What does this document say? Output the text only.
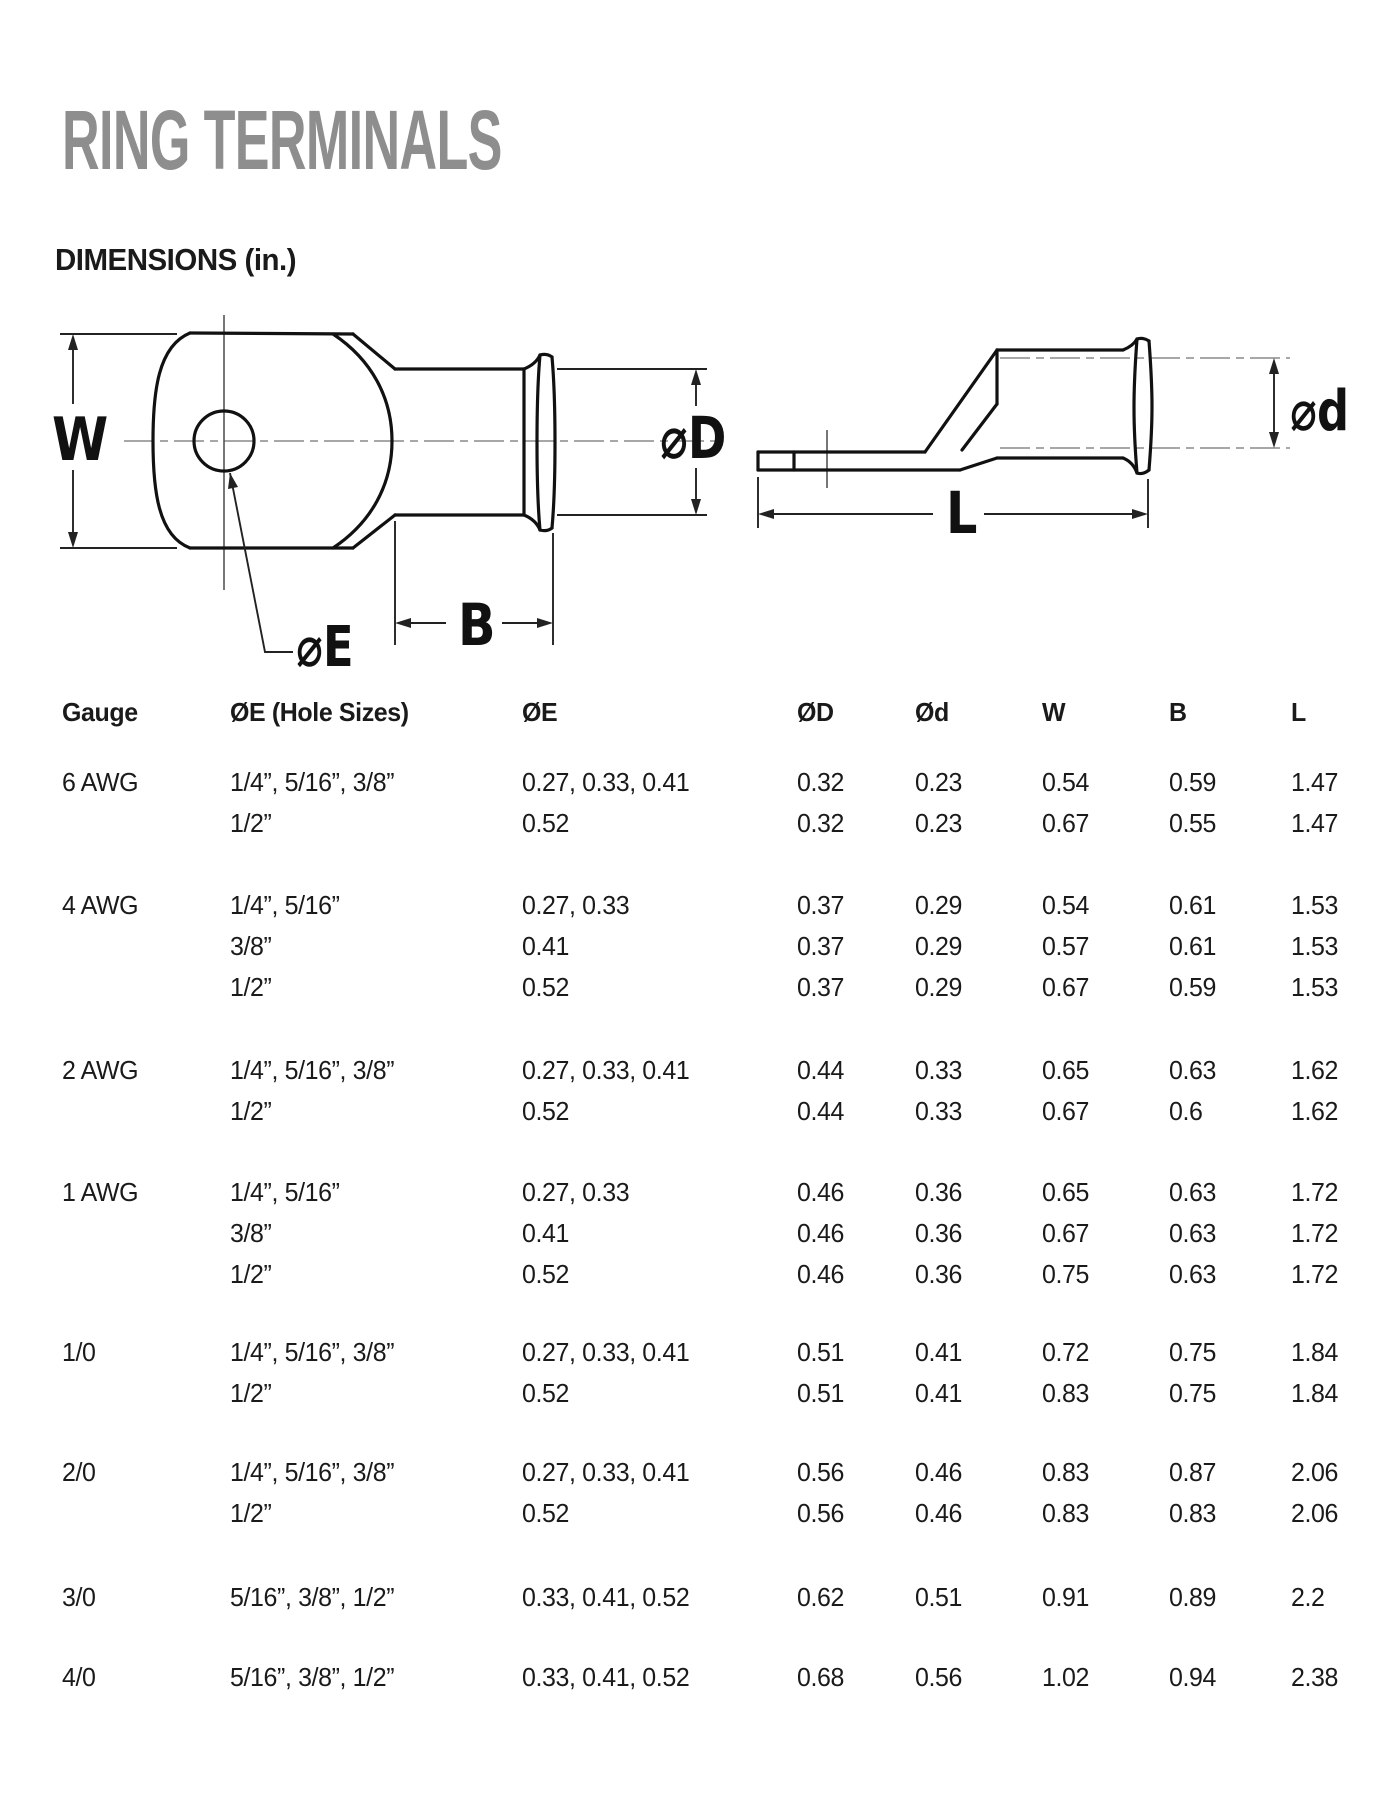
RING TERMINALS
DIMENSIONS (in.)
W	⌀D
⌀E B
⌀d
L
Gauge	ØE (Hole Sizes)	ØE	ØD	Ød	W	B	L
6 AWG	1/4”, 5/16”, 3/8”	0.27, 0.33, 0.41	0.32	0.23	0.54	0.59	1.47
1/2”	0.52	0.32	0.23	0.67	0.55	1.47
4 AWG	1/4”, 5/16”	0.27, 0.33	0.37	0.29	0.54	0.61	1.53
3/8”	0.41	0.37	0.29	0.57	0.61	1.53
1/2”	0.52	0.37	0.29	0.67	0.59	1.53
2 AWG	1/4”, 5/16”, 3/8”	0.27, 0.33, 0.41	0.44	0.33	0.65	0.63	1.62
1/2”	0.52	0.44	0.33	0.67	0.6	1.62
1 AWG	1/4”, 5/16”	0.27, 0.33	0.46	0.36	0.65	0.63	1.72
3/8”	0.41	0.46	0.36	0.67	0.63	1.72
1/2”	0.52	0.46	0.36	0.75	0.63	1.72
1/0	1/4”, 5/16”, 3/8”	0.27, 0.33, 0.41	0.51	0.41	0.72	0.75	1.84
1/2”	0.52	0.51	0.41	0.83	0.75	1.84
2/0	1/4”, 5/16”, 3/8”	0.27, 0.33, 0.41	0.56	0.46	0.83	0.87	2.06
1/2”	0.52	0.56	0.46	0.83	0.83	2.06
3/0	5/16”, 3/8”, 1/2”	0.33, 0.41, 0.52	0.62	0.51	0.91	0.89	2.2
4/0	5/16”, 3/8”, 1/2”	0.33, 0.41, 0.52	0.68	0.56	1.02	0.94	2.38
